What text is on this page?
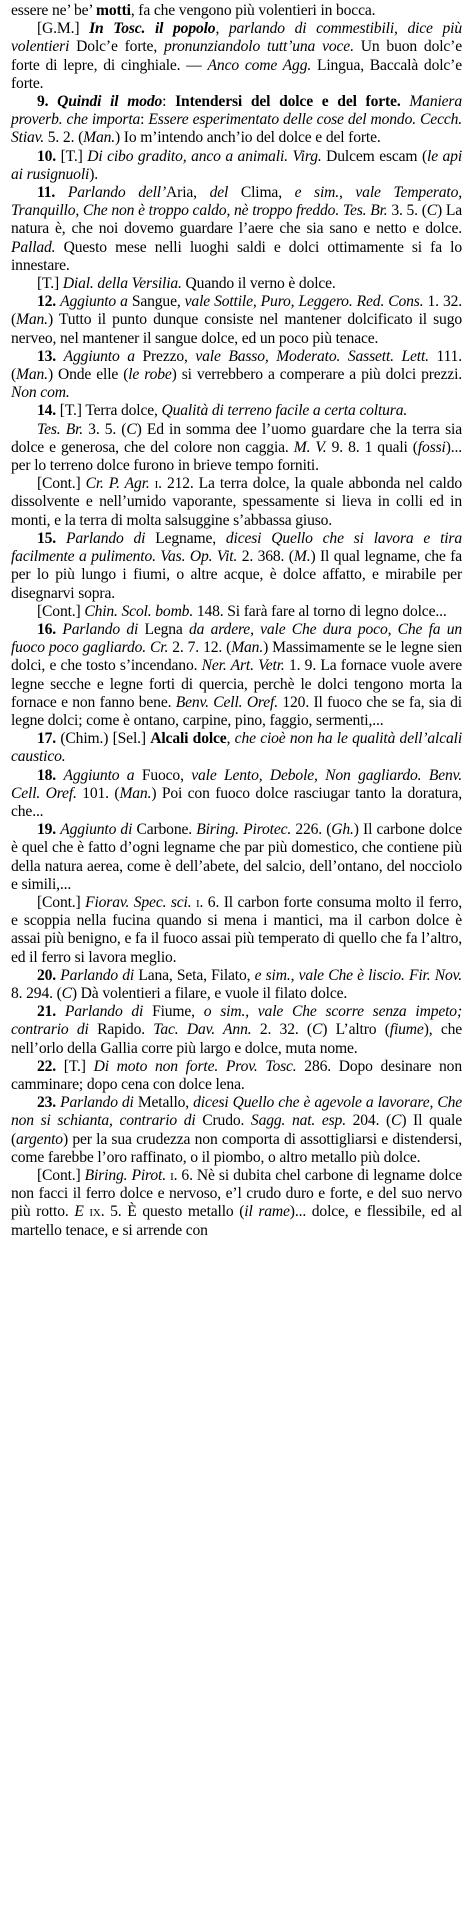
essere ne’ be’ motti, fa che vengono più volentieri in bocca.

[G.M.] In Tosc. il popolo, parlando di commestibili, dice più volentieri Dolc’e forte, pronunziandolo tutt’una voce. Un buon dolc’e forte di lepre, di cinghiale. — Anco come Agg. Lingua, Baccalà dolc’e forte.

9. Quindi il modo: Intendersi del dolce e del forte. Maniera proverb. che importa: Essere esperimentato delle cose del mondo. Cecch. Stiav. 5. 2. (Man.) Io m’intendo anch’io del dolce e del forte.

10. [T.] Di cibo gradito, anco a animali. Virg. Dulcem escam (le api ai rusignuoli).

11. Parlando dell’Aria, del Clima, e sim., vale Temperato, Tranquillo, Che non è troppo caldo, nè troppo freddo. Tes. Br. 3. 5. (C) La natura è, che noi dovemo guardare l’aere che sia sano e netto e dolce. Pallad. Questo mese nelli luoghi saldi e dolci ottimamente si fa lo innestare.

[T.] Dial. della Versilia. Quando il verno è dolce.

12. Aggiunto a Sangue, vale Sottile, Puro, Leggero. Red. Cons. 1. 32. (Man.) Tutto il punto dunque consiste nel mantener dolcificato il sugo nerveo, nel mantener il sangue dolce, ed un poco più tenace.

13. Aggiunto a Prezzo, vale Basso, Moderato. Sassett. Lett. 111. (Man.) Onde elle (le robe) si verrebbero a comperare a più dolci prezzi. Non com.

14. [T.] Terra dolce, Qualità di terreno facile a certa coltura.

Tes. Br. 3. 5. (C) Ed in somma dee l’uomo guardare che la terra sia dolce e generosa, che del colore non caggia. M. V. 9. 8. 1 quali (fossi)... per lo terreno dolce furono in brieve tempo forniti.

[Cont.] Cr. P. Agr. i. 212. La terra dolce, la quale abbonda nel caldo dissolvente e nell’umido vaporante, spessamente si lieva in colli ed in monti, e la terra di molta salsuggine s’abbassa giuso.

15. Parlando di Legname, dicesi Quello che si lavora e tira facilmente a pulimento. Vas. Op. Vit. 2. 368. (M.) Il qual legname, che fa per lo più lungo i fiumi, o altre acque, è dolce affatto, e mirabile per disegnarvi sopra.

[Cont.] Chin. Scol. bomb. 148. Si farà fare al torno di legno dolce...

16. Parlando di Legna da ardere, vale Che dura poco, Che fa un fuoco poco gagliardo. Cr. 2. 7. 12. (Man.) Massimamente se le legne sien dolci, e che tosto s’incendano. Ner. Art. Vetr. 1. 9. La fornace vuole avere legne secche e legne forti di quercia, perchè le dolci tengono morta la fornace e non fanno bene. Benv. Cell. Oref. 120. Il fuoco che se fa, sia di legne dolci; come è ontano, carpine, pino, faggio, sermenti,...

17. (Chim.) [Sel.] Alcali dolce, che cioè non ha le qualità dell’alcali caustico.

18. Aggiunto a Fuoco, vale Lento, Debole, Non gagliardo. Benv. Cell. Oref. 101. (Man.) Poi con fuoco dolce rasciugar tanto la doratura, che...

19. Aggiunto di Carbone. Biring. Pirotec. 226. (Gh.) Il carbone dolce è quel che è fatto d’ogni legname che par più domestico, che contiene più della natura aerea, come è dell’abete, del salcio, dell’ontano, del nocciolo e simili,...

[Cont.] Fiorav. Spec. sci. i. 6. Il carbon forte consuma molto il ferro, e scoppia nella fucina quando si mena i mantici, ma il carbon dolce è assai più benigno, e fa il fuoco assai più temperato di quello che fa l’altro, ed il ferro si lavora meglio.

20. Parlando di Lana, Seta, Filato, e sim., vale Che è liscio. Fir. Nov. 8. 294. (C) Dà volentieri a filare, e vuole il filato dolce.

21. Parlando di Fiume, o sim., vale Che scorre senza impeto; contrario di Rapido. Tac. Dav. Ann. 2. 32. (C) L’altro (fiume), che nell’orlo della Gallia corre più largo e dolce, muta nome.

22. [T.] Di moto non forte. Prov. Tosc. 286. Dopo desinare non camminare; dopo cena con dolce lena.

23. Parlando di Metallo, dicesi Quello che è agevole a lavorare, Che non si schianta, contrario di Crudo. Sagg. nat. esp. 204. (C) Il quale (argento) per la sua crudezza non comporta di assottigliarsi e distendersi, come farebbe l’oro raffinato, o il piombo, o altro metallo più dolce.

[Cont.] Biring. Pirot. i. 6. Nè si dubita chel carbone di legname dolce non facci il ferro dolce e nervoso, e’l crudo duro e forte, e del suo nervo più rotto. E ix. 5. È questo metallo (il rame)... dolce, e flessibile, ed al martello tenace, e si arrende con
